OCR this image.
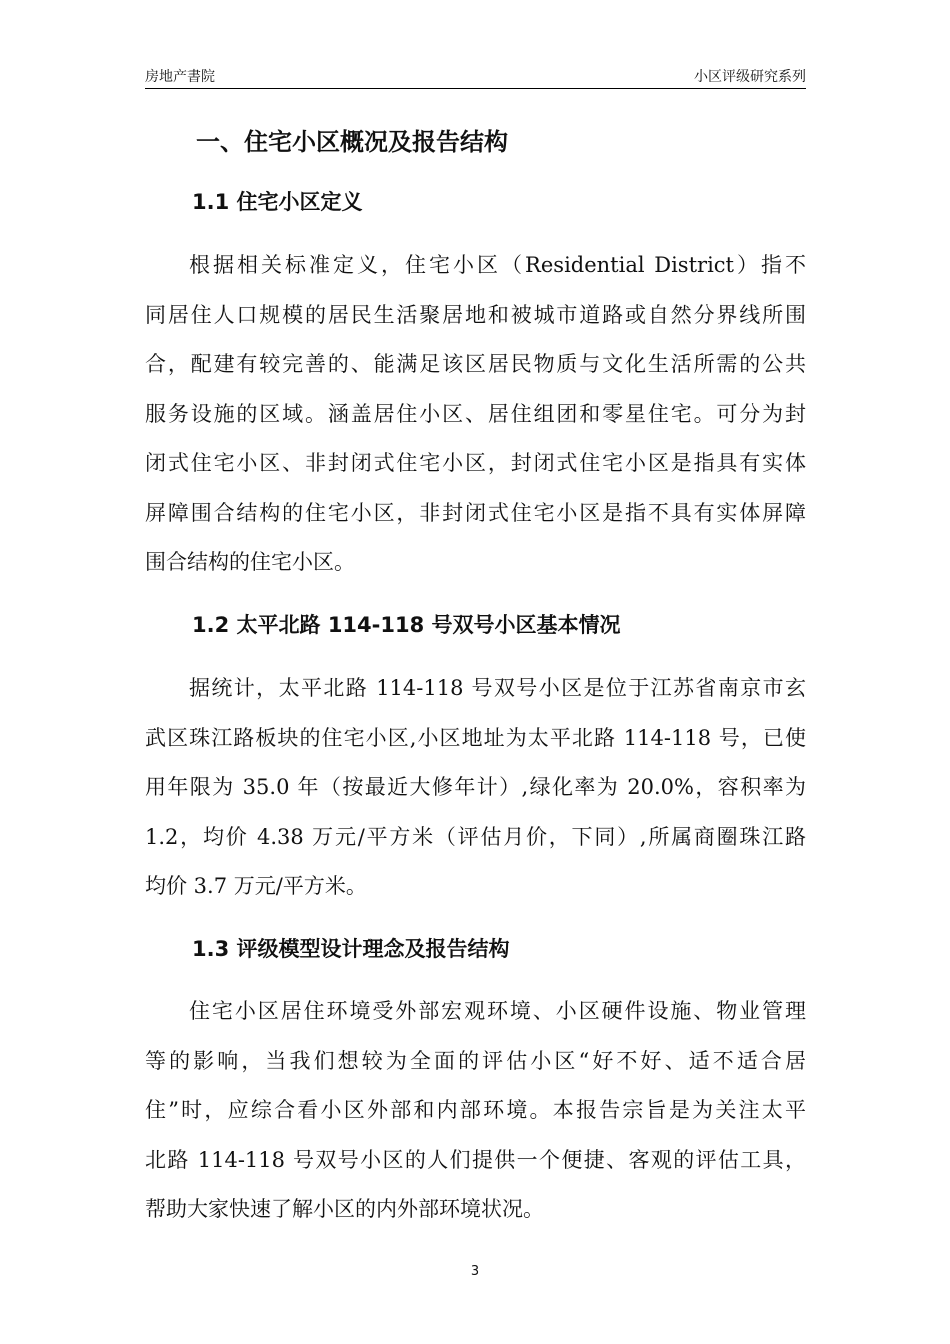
房地产書院	小区评级研究系列
一、住宅小区概况及报告结构
1.1 住宅小区定义
根据相关标准定义，住宅小区（Residential District）指不
同居住人口规模的居民生活聚居地和被城市道路或自然分界线所围
合，配建有较完善的、能满足该区居民物质与文化生活所需的公共
服务设施的区域。涵盖居住小区、居住组团和零星住宅。可分为封
闭式住宅小区、非封闭式住宅小区，封闭式住宅小区是指具有实体
屏障围合结构的住宅小区，非封闭式住宅小区是指不具有实体屏障
围合结构的住宅小区。
1.2 太平北路 114-118 号双号小区基本情况
据统计，太平北路 114-118 号双号小区是位于江苏省南京市玄
武区珠江路板块的住宅小区,小区地址为太平北路 114-118 号，已使
用年限为 35.0 年（按最近大修年计）,绿化率为 20.0%，容积率为
1.2，均价 4.38 万元/平方米（评估月价，下同）,所属商圈珠江路
均价 3.7 万元/平方米。
1.3 评级模型设计理念及报告结构
住宅小区居住环境受外部宏观环境、小区硬件设施、物业管理
等的影响，当我们想较为全面的评估小区“好不好、适不适合居
住”时，应综合看小区外部和内部环境。本报告宗旨是为关注太平
北路 114-118 号双号小区的人们提供一个便捷、客观的评估工具，
帮助大家快速了解小区的内外部环境状况。
3
